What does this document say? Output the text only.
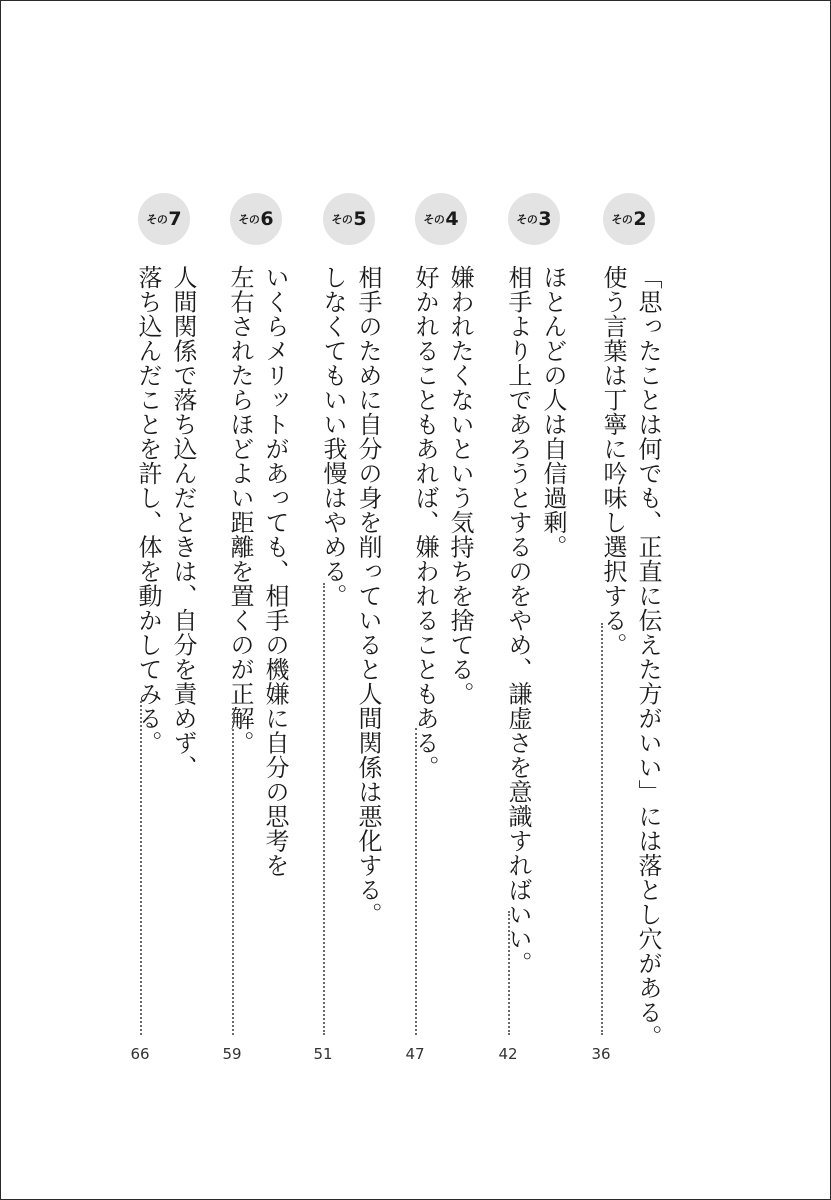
その 2
「思ったことは何でも、正直に伝えた方がいい」には落とし穴がある。
使う言葉は丁寧に吟味し選択する。
36
その 3
ほとんどの人は自信過剰。
相手より上であろうとするのをやめ、謙虚さを意識すればいい。
42
その 4
嫌われたくないという気持ちを捨てる。
好かれることもあれば、嫌われることもある。
47
その 5
相手のために自分の身を削っていると人間関係は悪化する。
しなくてもいい我慢はやめる。
51
その 6
いくらメリットがあっても、相手の機嫌に自分の思考を
左右されたらほどよい距離を置くのが正解。
59
その 7
人間関係で落ち込んだときは、自分を責めず、
落ち込んだことを許し、体を動かしてみる。
66
